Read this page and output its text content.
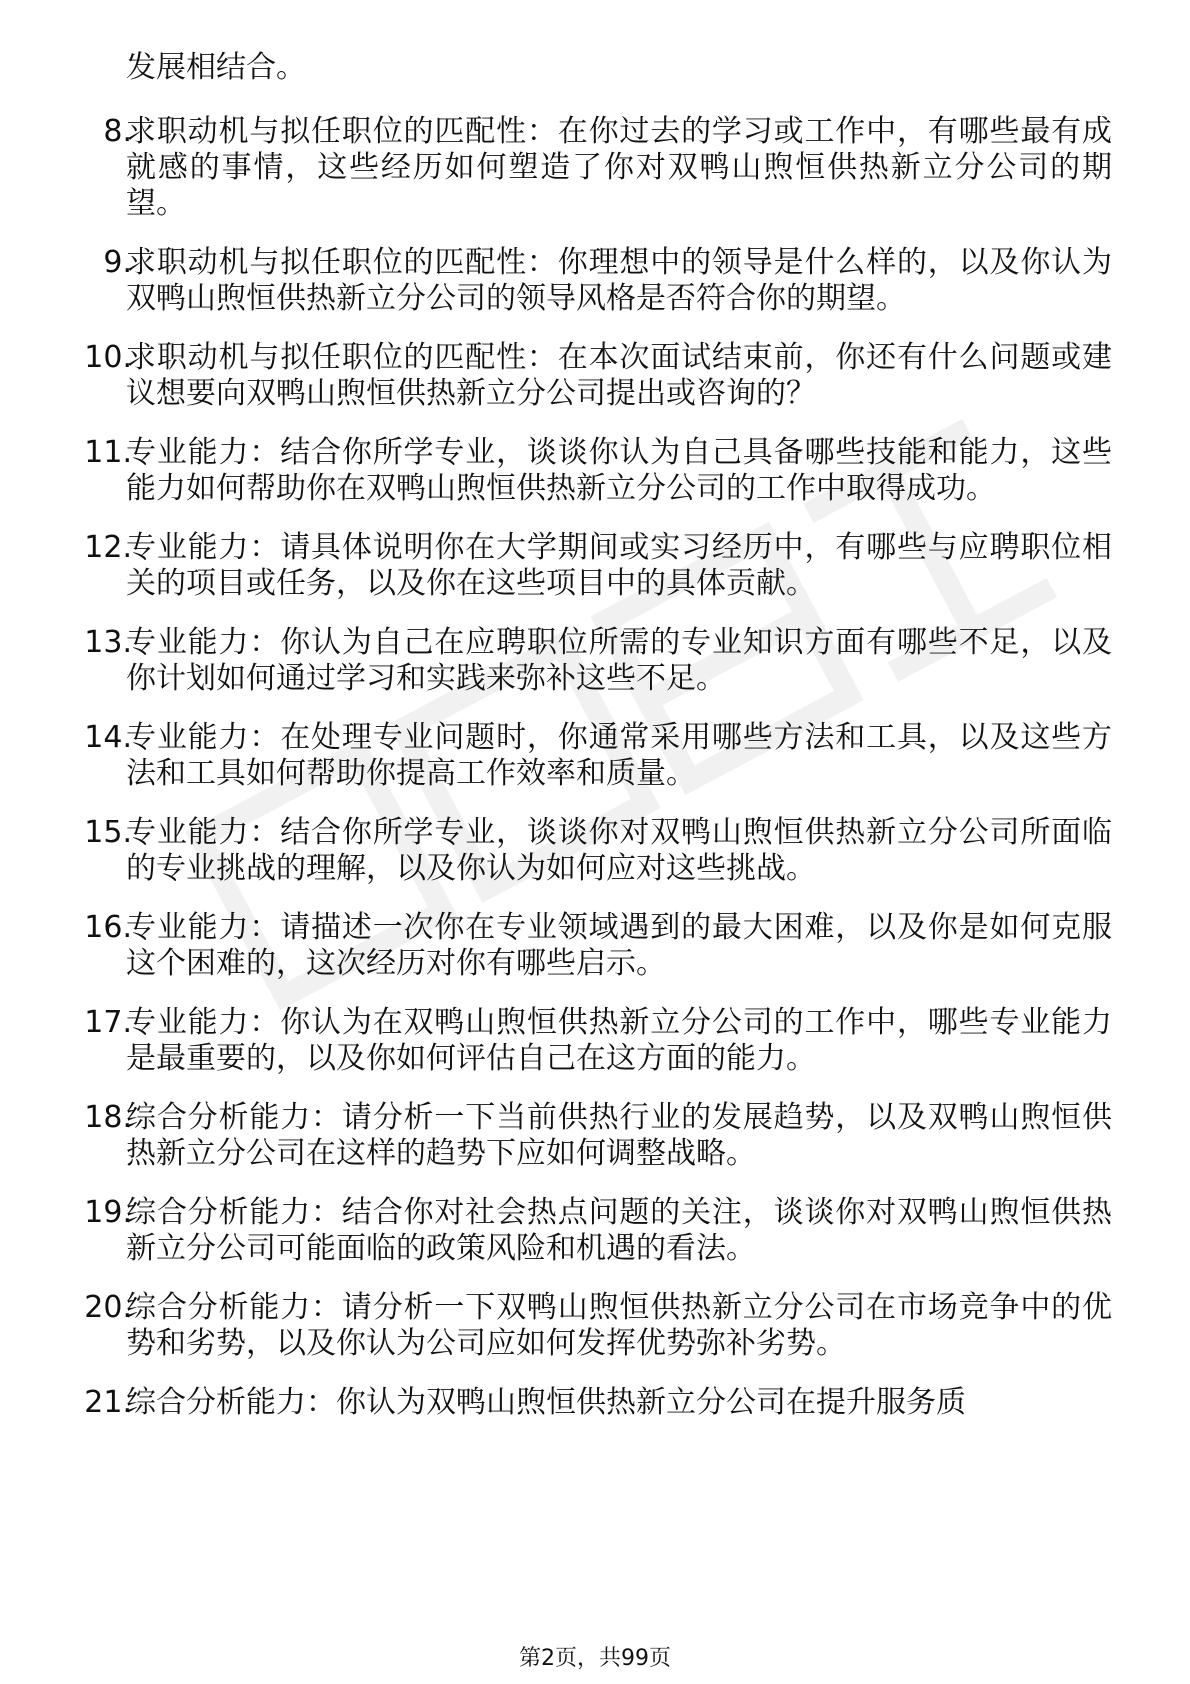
发展相结合。

8.
求职动机与拟任职位的匹配性：在你过去的学习或工作中，有哪些最有成就感的事情，这些经历如何塑造了你对双鸭山煦恒供热新立分公司的期望。
9.
求职动机与拟任职位的匹配性：你理想中的领导是什么样的，以及你认为双鸭山煦恒供热新立分公司的领导风格是否符合你的期望。
10.
求职动机与拟任职位的匹配性：在本次面试结束前，你还有什么问题或建议想要向双鸭山煦恒供热新立分公司提出或咨询的？
11.
专业能力：结合你所学专业，谈谈你认为自己具备哪些技能和能力，这些能力如何帮助你在双鸭山煦恒供热新立分公司的工作中取得成功。
12.
专业能力：请具体说明你在大学期间或实习经历中，有哪些与应聘职位相关的项目或任务，以及你在这些项目中的具体贡献。
13.
专业能力：你认为自己在应聘职位所需的专业知识方面有哪些不足，以及你计划如何通过学习和实践来弥补这些不足。
14.
专业能力：在处理专业问题时，你通常采用哪些方法和工具，以及这些方法和工具如何帮助你提高工作效率和质量。
15.
专业能力：结合你所学专业，谈谈你对双鸭山煦恒供热新立分公司所面临的专业挑战的理解，以及你认为如何应对这些挑战。
16.
专业能力：请描述一次你在专业领域遇到的最大困难，以及你是如何克服这个困难的，这次经历对你有哪些启示。
17.
专业能力：你认为在双鸭山煦恒供热新立分公司的工作中，哪些专业能力是最重要的，以及你如何评估自己在这方面的能力。
18.
综合分析能力：请分析一下当前供热行业的发展趋势，以及双鸭山煦恒供热新立分公司在这样的趋势下应如何调整战略。
19.
综合分析能力：结合你对社会热点问题的关注，谈谈你对双鸭山煦恒供热新立分公司可能面临的政策风险和机遇的看法。
20.
综合分析能力：请分析一下双鸭山煦恒供热新立分公司在市场竞争中的优势和劣势，以及你认为公司应如何发挥优势弥补劣势。
21.
综合分析能力：你认为双鸭山煦恒供热新立分公司在提升服务质
第2页，共99页
